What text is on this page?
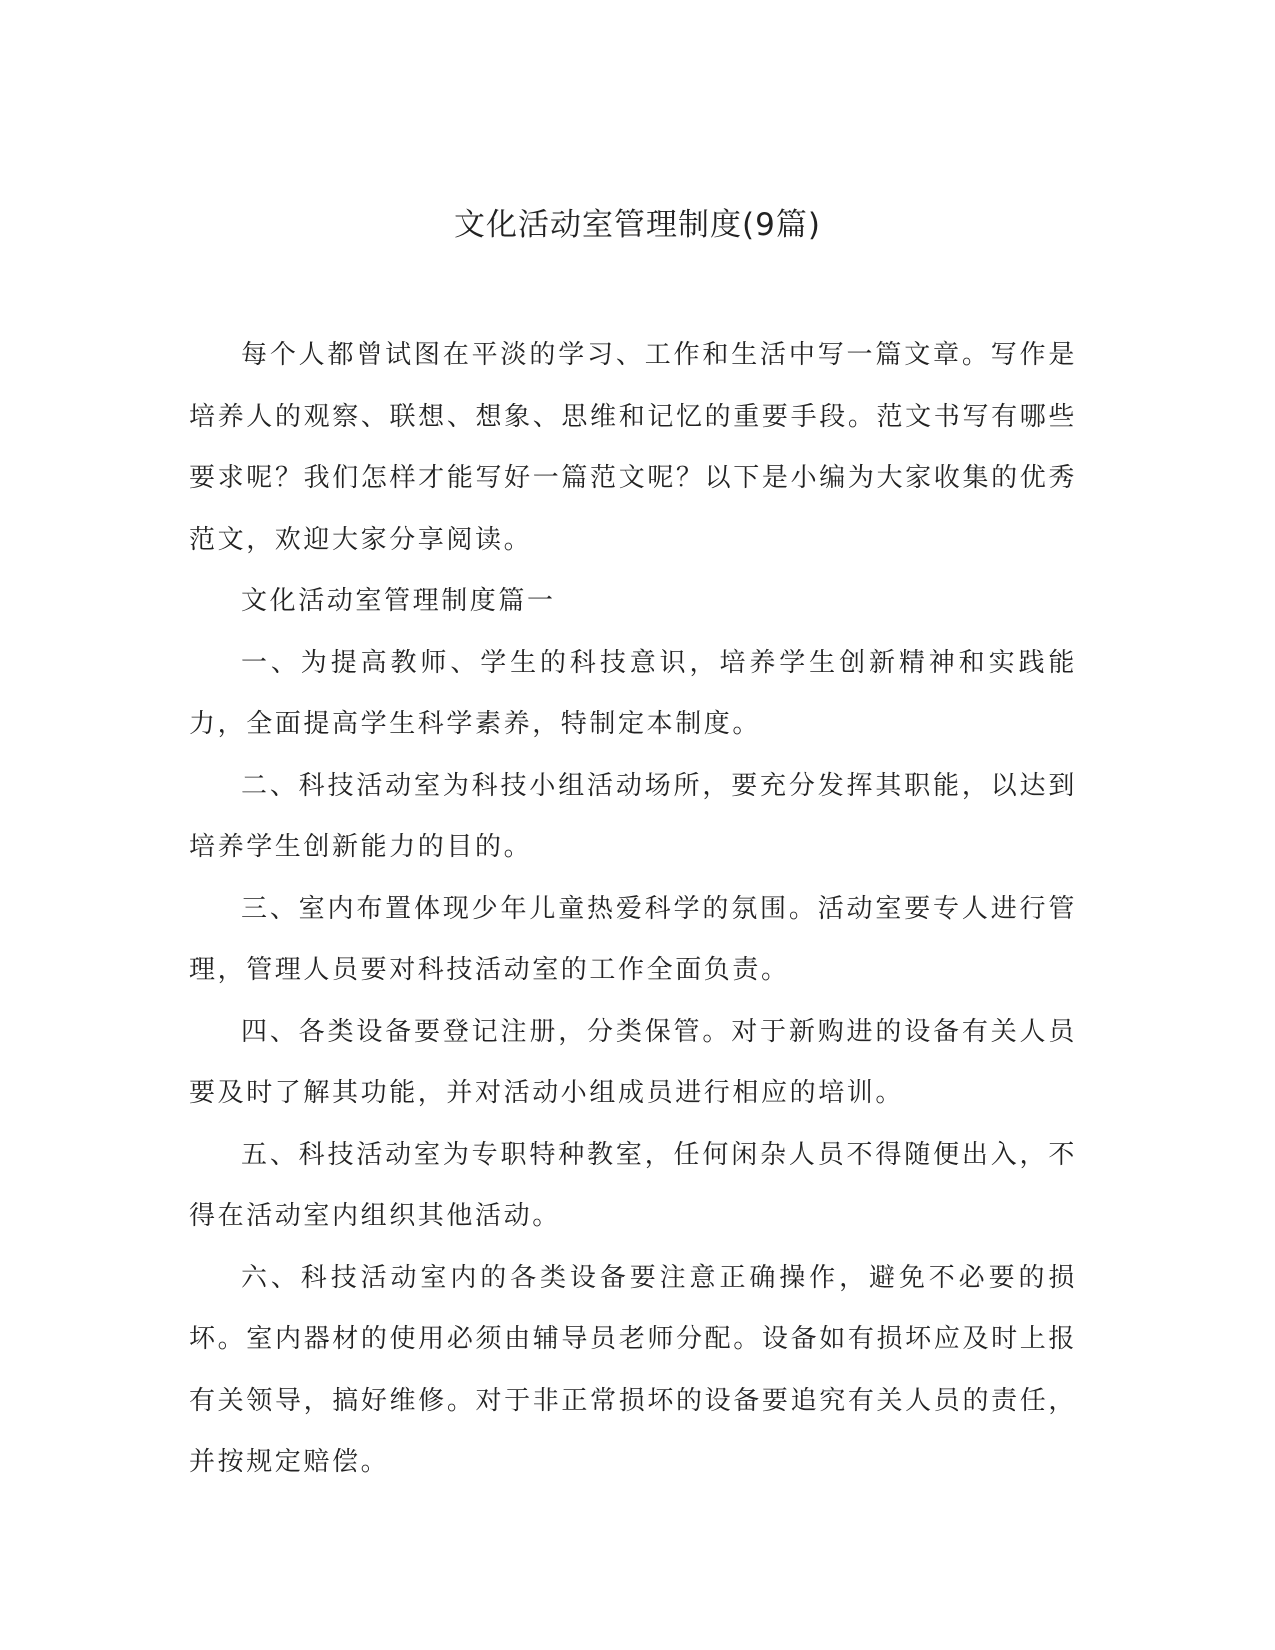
文化活动室管理制度(9篇)

每个人都曾试图在平淡的学习、工作和生活中写一篇文章。写作是培养人的观察、联想、想象、思维和记忆的重要手段。范文书写有哪些要求呢？我们怎样才能写好一篇范文呢？以下是小编为大家收集的优秀范文，欢迎大家分享阅读。

文化活动室管理制度篇一

一、为提高教师、学生的科技意识，培养学生创新精神和实践能力，全面提高学生科学素养，特制定本制度。

二、科技活动室为科技小组活动场所，要充分发挥其职能，以达到培养学生创新能力的目的。

三、室内布置体现少年儿童热爱科学的氛围。活动室要专人进行管理，管理人员要对科技活动室的工作全面负责。

四、各类设备要登记注册，分类保管。对于新购进的设备有关人员要及时了解其功能，并对活动小组成员进行相应的培训。

五、科技活动室为专职特种教室，任何闲杂人员不得随便出入，不得在活动室内组织其他活动。

六、科技活动室内的各类设备要注意正确操作，避免不必要的损坏。室内器材的使用必须由辅导员老师分配。设备如有损坏应及时上报有关领导，搞好维修。对于非正常损坏的设备要追究有关人员的责任，并按规定赔偿。
